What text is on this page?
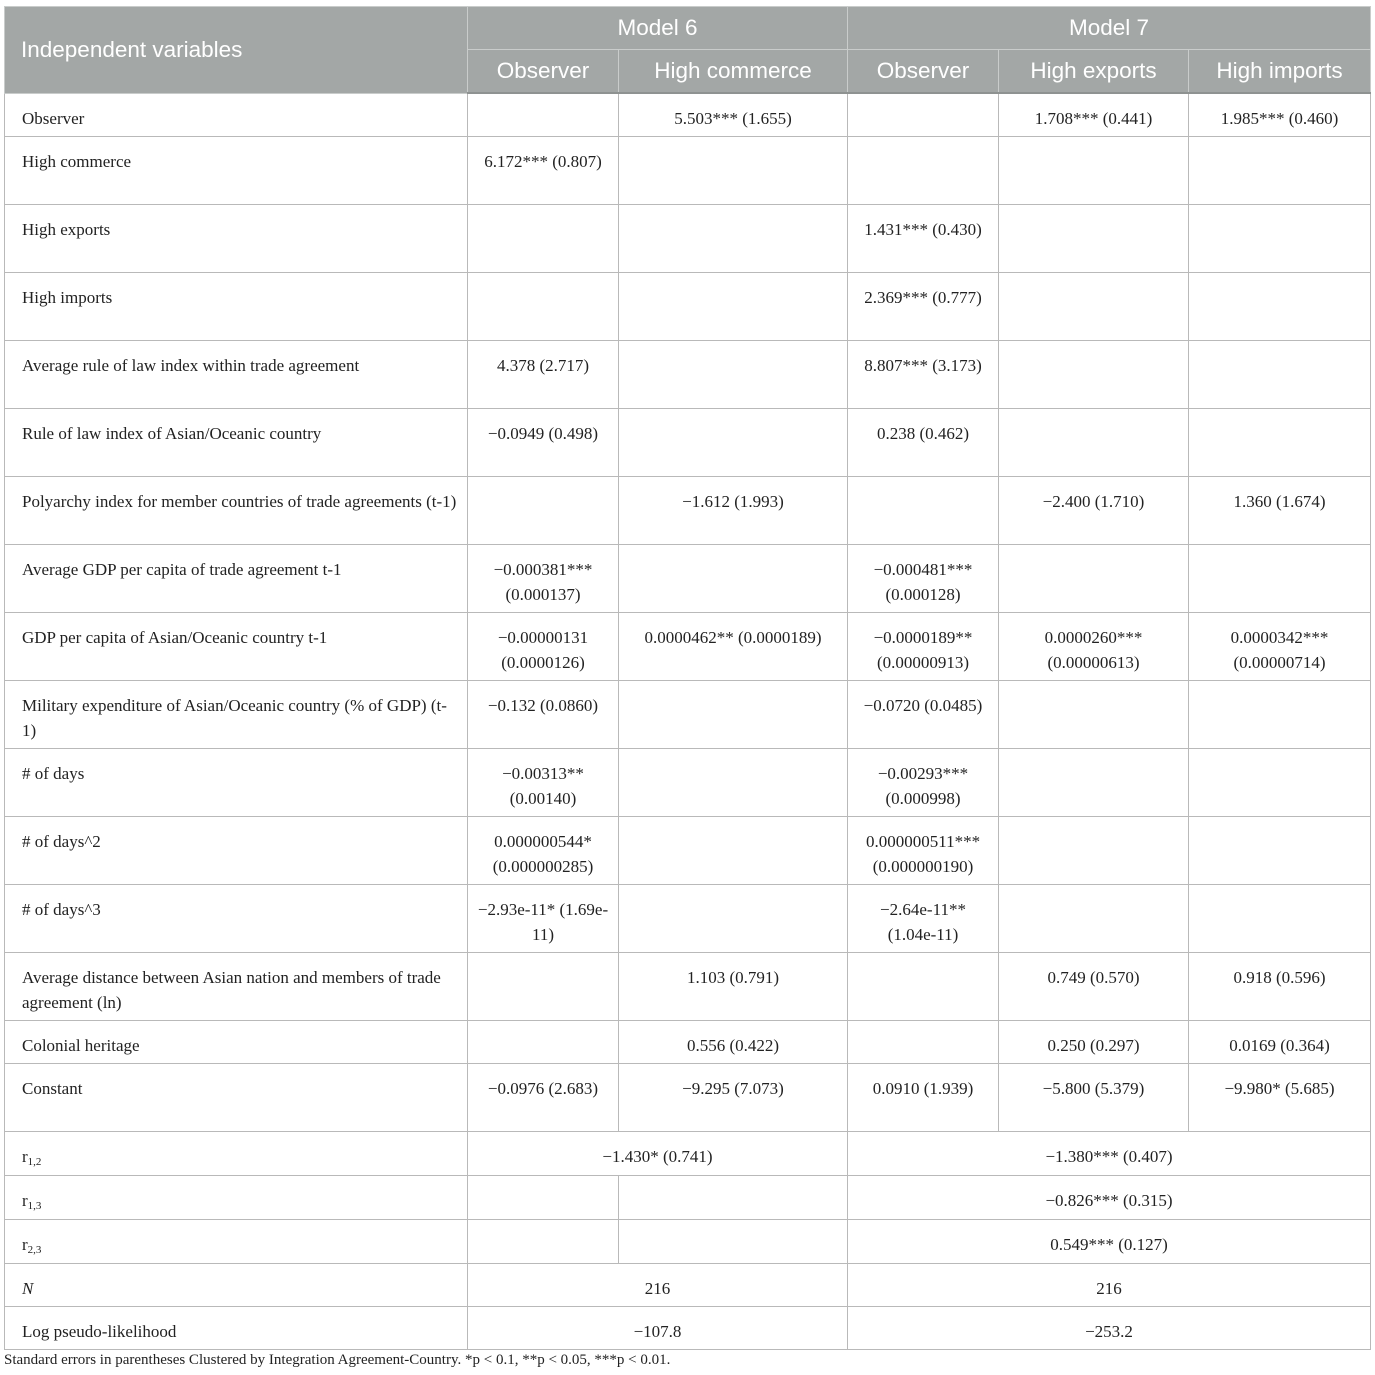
Independent variables	Model 6		Model 7		
	Observer	High commerce	Observer	High exports	High imports
Observer		5.503*** (1.655)		1.708*** (0.441)	1.985*** (0.460)
High commerce	6.172*** (0.807)				
High exports			1.431*** (0.430)		
High imports			2.369*** (0.777)		
Average rule of law index within trade agreement	4.378 (2.717)		8.807*** (3.173)		
Rule of law index of Asian/Oceanic country	−0.0949 (0.498)		0.238 (0.462)		
Polyarchy index for member countries of trade agreements (t-1)		−1.612 (1.993)		−2.400 (1.710)	1.360 (1.674)
Average GDP per capita of trade agreement t-1	−0.000381*** (0.000137)		−0.000481*** (0.000128)		
GDP per capita of Asian/Oceanic country t-1	−0.00000131 (0.0000126)	0.0000462** (0.0000189)	−0.0000189** (0.00000913)	0.0000260*** (0.00000613)	0.0000342*** (0.00000714)
Military expenditure of Asian/Oceanic country (% of GDP) (t-1)	−0.132 (0.0860)		−0.0720 (0.0485)		
# of days	−0.00313** (0.00140)		−0.00293*** (0.000998)		
# of days^2	0.000000544* (0.000000285)		0.000000511*** (0.000000190)		
# of days^3	−2.93e-11* (1.69e-11)		−2.64e-11** (1.04e-11)		
Average distance between Asian nation and members of trade agreement (ln)		1.103 (0.791)		0.749 (0.570)	0.918 (0.596)
Colonial heritage		0.556 (0.422)		0.250 (0.297)	0.0169 (0.364)
Constant	−0.0976 (2.683)	−9.295 (7.073)	0.0910 (1.939)	−5.800 (5.379)	−9.980* (5.685)
$r_{1,2}$	−1.430* (0.741)		−1.380*** (0.407)		
$r_{1,3}$			−0.826*** (0.315)		
$r_{2,3}$			0.549*** (0.127)		
N	216		216		
Log pseudo-likelihood	−107.8		−253.2		
Standard errors in parentheses Clustered by Integration Agreement-Country. *p < 0.1, **p < 0.05, ***p < 0.01.
